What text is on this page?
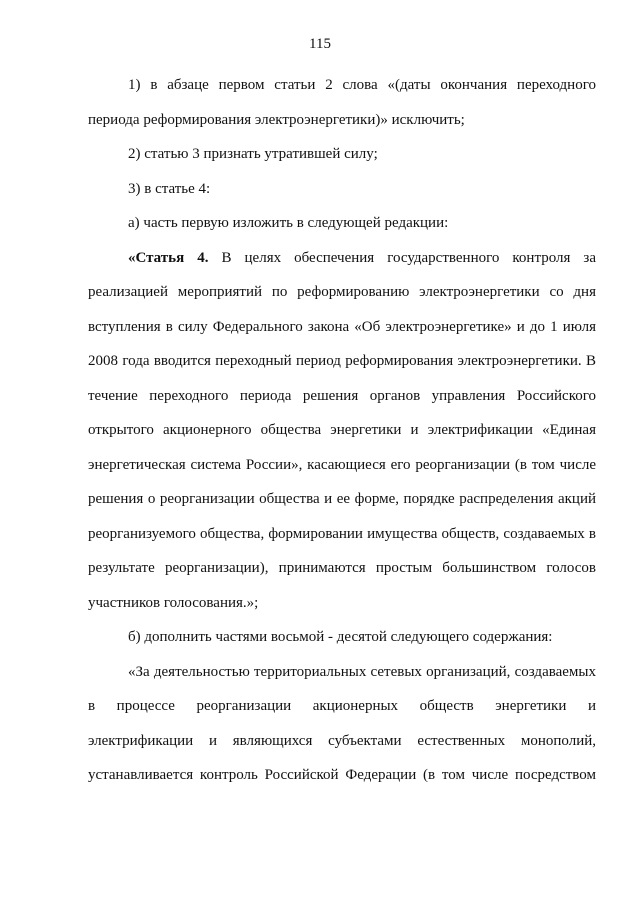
115

1) в абзаце первом статьи 2 слова «(даты окончания переходного периода реформирования электроэнергетики)» исключить;

2) статью 3 признать утратившей силу;

3) в статье 4:

а) часть первую изложить в следующей редакции:

«Статья 4. В целях обеспечения государственного контроля за реализацией мероприятий по реформированию электроэнергетики со дня вступления в силу Федерального закона «Об электроэнергетике» и до 1 июля 2008 года вводится переходный период реформирования электроэнергетики. В течение переходного периода решения органов управления Российского открытого акционерного общества энергетики и электрификации «Единая энергетическая система России», касающиеся его реорганизации (в том числе решения о реорганизации общества и ее форме, порядке распределения акций реорганизуемого общества, формировании имущества обществ, создаваемых в результате реорганизации), принимаются простым большинством голосов участников голосования.»;

б) дополнить частями восьмой - десятой следующего содержания:

«За деятельностью территориальных сетевых организаций, создаваемых в процессе реорганизации акционерных обществ энергетики и электрификации и являющихся субъектами естественных монополий, устанавливается контроль Российской Федерации (в том числе посредством
